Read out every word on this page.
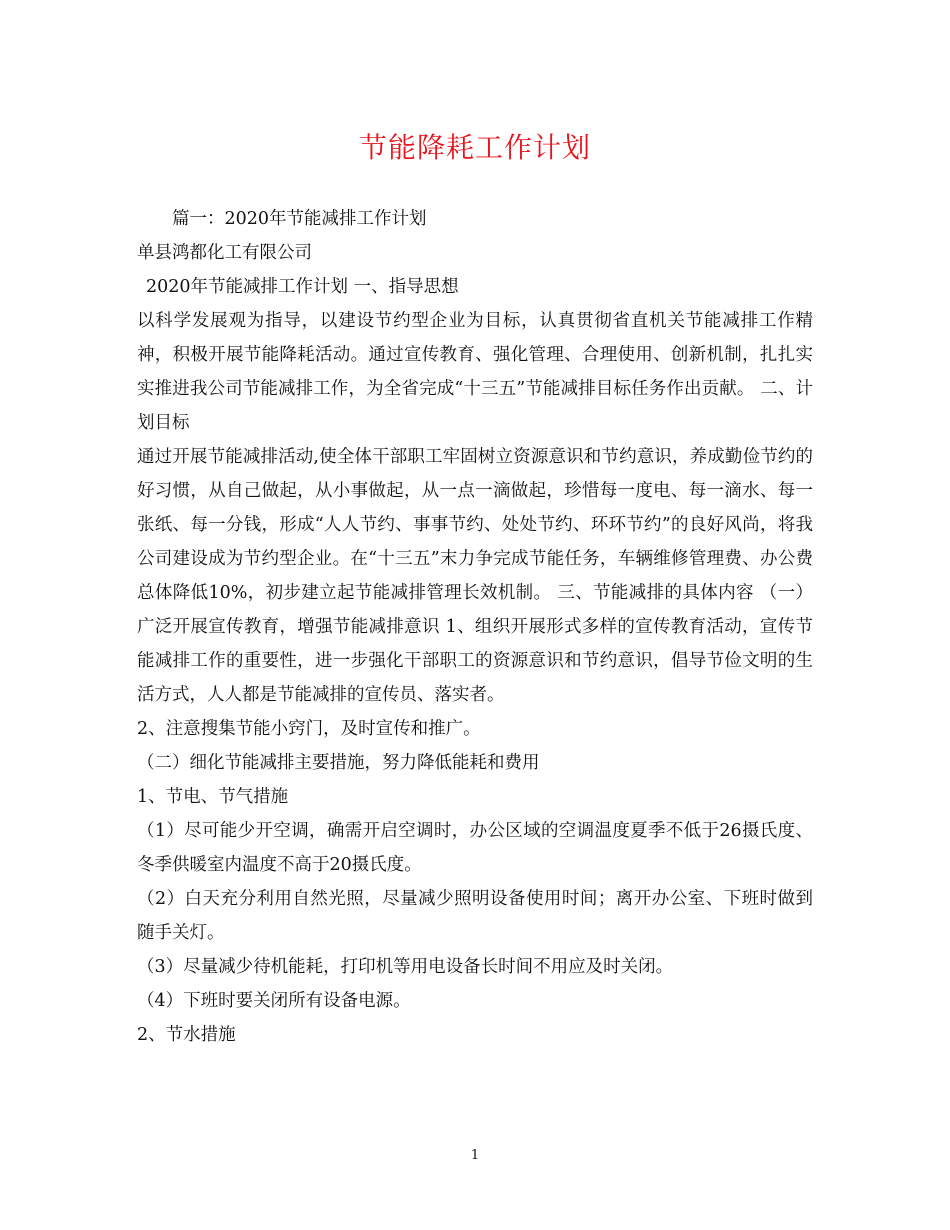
节能降耗工作计划

篇一：2020年节能减排工作计划

单县鸿都化工有限公司

2020年节能减排工作计划 一、指导思想

以科学发展观为指导，以建设节约型企业为目标，认真贯彻省直机关节能减排工作精神，积极开展节能降耗活动。通过宣传教育、强化管理、合理使用、创新机制，扎扎实实推进我公司节能减排工作，为全省完成“十三五”节能减排目标任务作出贡献。 二、计划目标

通过开展节能减排活动,使全体干部职工牢固树立资源意识和节约意识，养成勤俭节约的好习惯，从自己做起，从小事做起，从一点一滴做起，珍惜每一度电、每一滴水、每一张纸、每一分钱，形成“人人节约、事事节约、处处节约、环环节约”的良好风尚，将我公司建设成为节约型企业。在“十三五”末力争完成节能任务，车辆维修管理费、办公费总体降低10%，初步建立起节能减排管理长效机制。 三、节能减排的具体内容 （一）广泛开展宣传教育，增强节能减排意识 1、组织开展形式多样的宣传教育活动，宣传节能减排工作的重要性，进一步强化干部职工的资源意识和节约意识，倡导节俭文明的生活方式，人人都是节能减排的宣传员、落实者。

2、注意搜集节能小窍门，及时宣传和推广。

（二）细化节能减排主要措施，努力降低能耗和费用

1、节电、节气措施

（1）尽可能少开空调，确需开启空调时，办公区域的空调温度夏季不低于26摄氏度、冬季供暖室内温度不高于20摄氏度。

（2）白天充分利用自然光照，尽量减少照明设备使用时间；离开办公室、下班时做到随手关灯。

（3）尽量减少待机能耗，打印机等用电设备长时间不用应及时关闭。

（4）下班时要关闭所有设备电源。

2、节水措施

1
